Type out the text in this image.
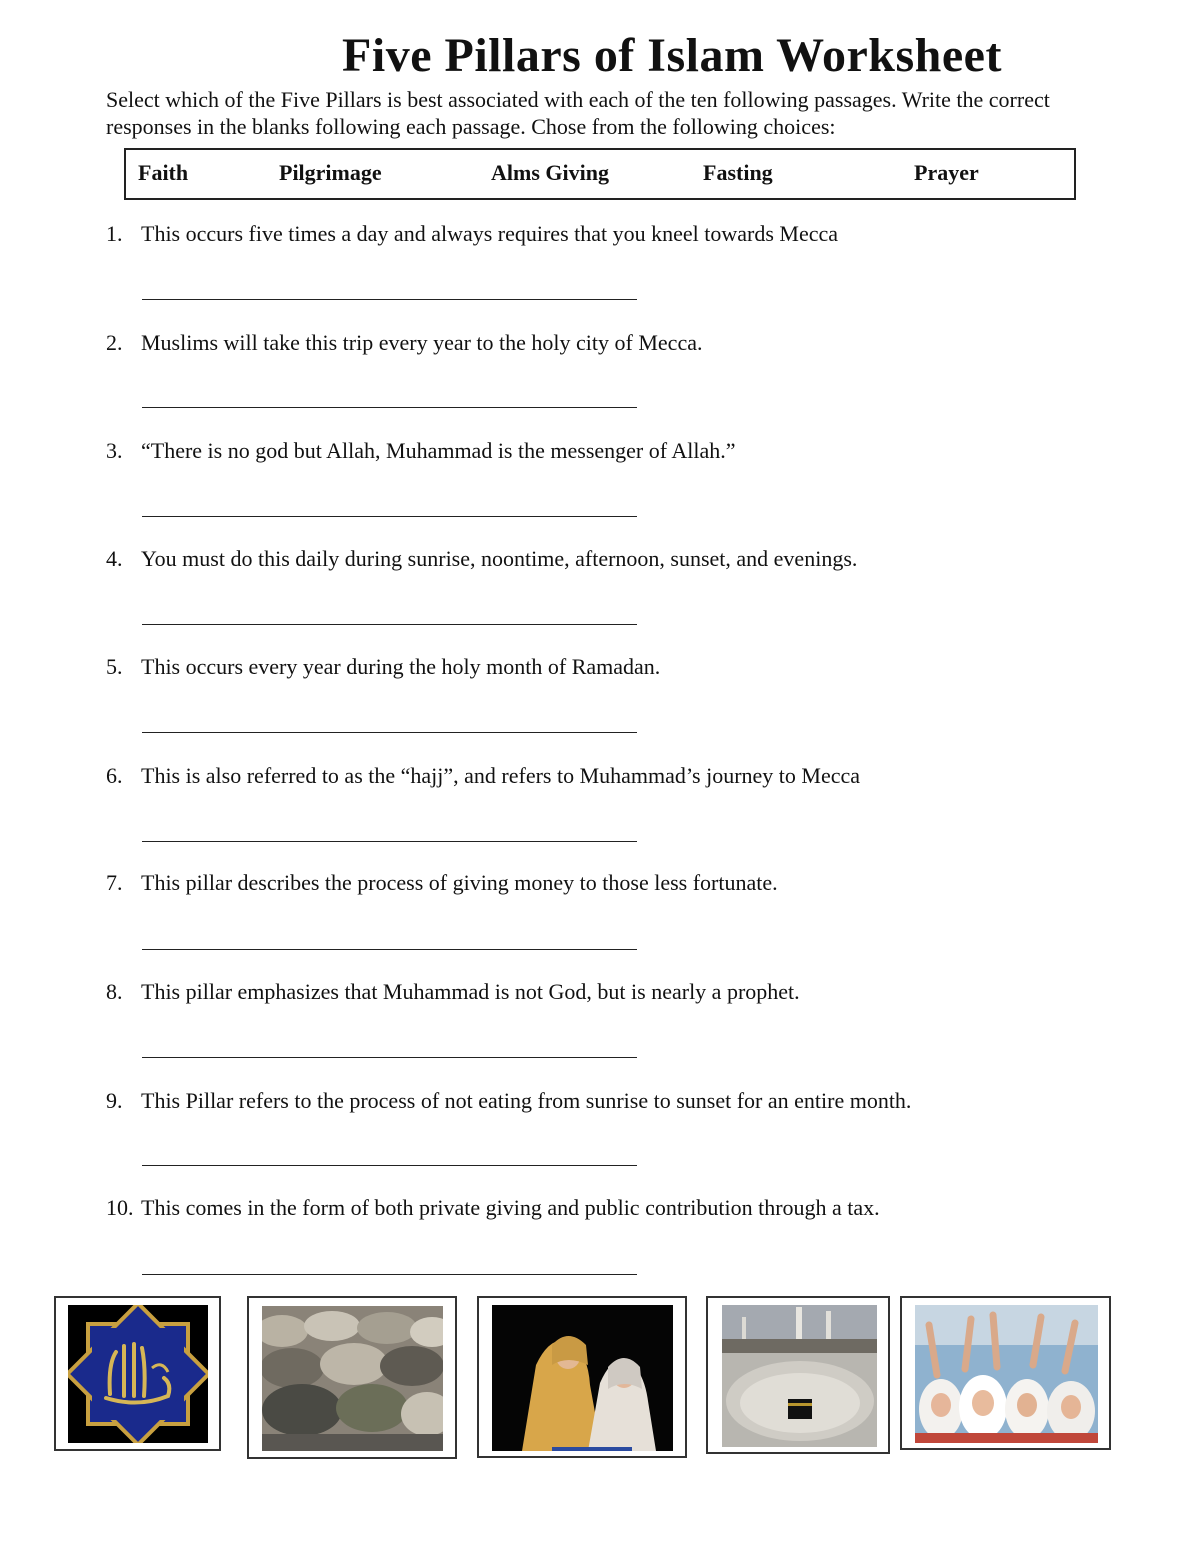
Five Pillars of Islam Worksheet
Select which of the Five Pillars is best associated with each of the ten following passages. Write the correct
responses in the blanks following each passage. Chose from the following choices:
Faith	Pilgrimage	Alms Giving	Fasting	Prayer
1. This occurs five times a day and always requires that you kneel towards Mecca
2. Muslims will take this trip every year to the holy city of Mecca.
3. “There is no god but Allah, Muhammad is the messenger of Allah.”
4. You must do this daily during sunrise, noontime, afternoon, sunset, and evenings.
5. This occurs every year during the holy month of Ramadan.
6. This is also referred to as the “hajj”, and refers to Muhammad’s journey to Mecca
7. This pillar describes the process of giving money to those less fortunate.
8. This pillar emphasizes that Muhammad is not God, but is nearly a prophet.
9. This Pillar refers to the process of not eating from sunrise to sunset for an entire month.
10. This comes in the form of both private giving and public contribution through a tax.
